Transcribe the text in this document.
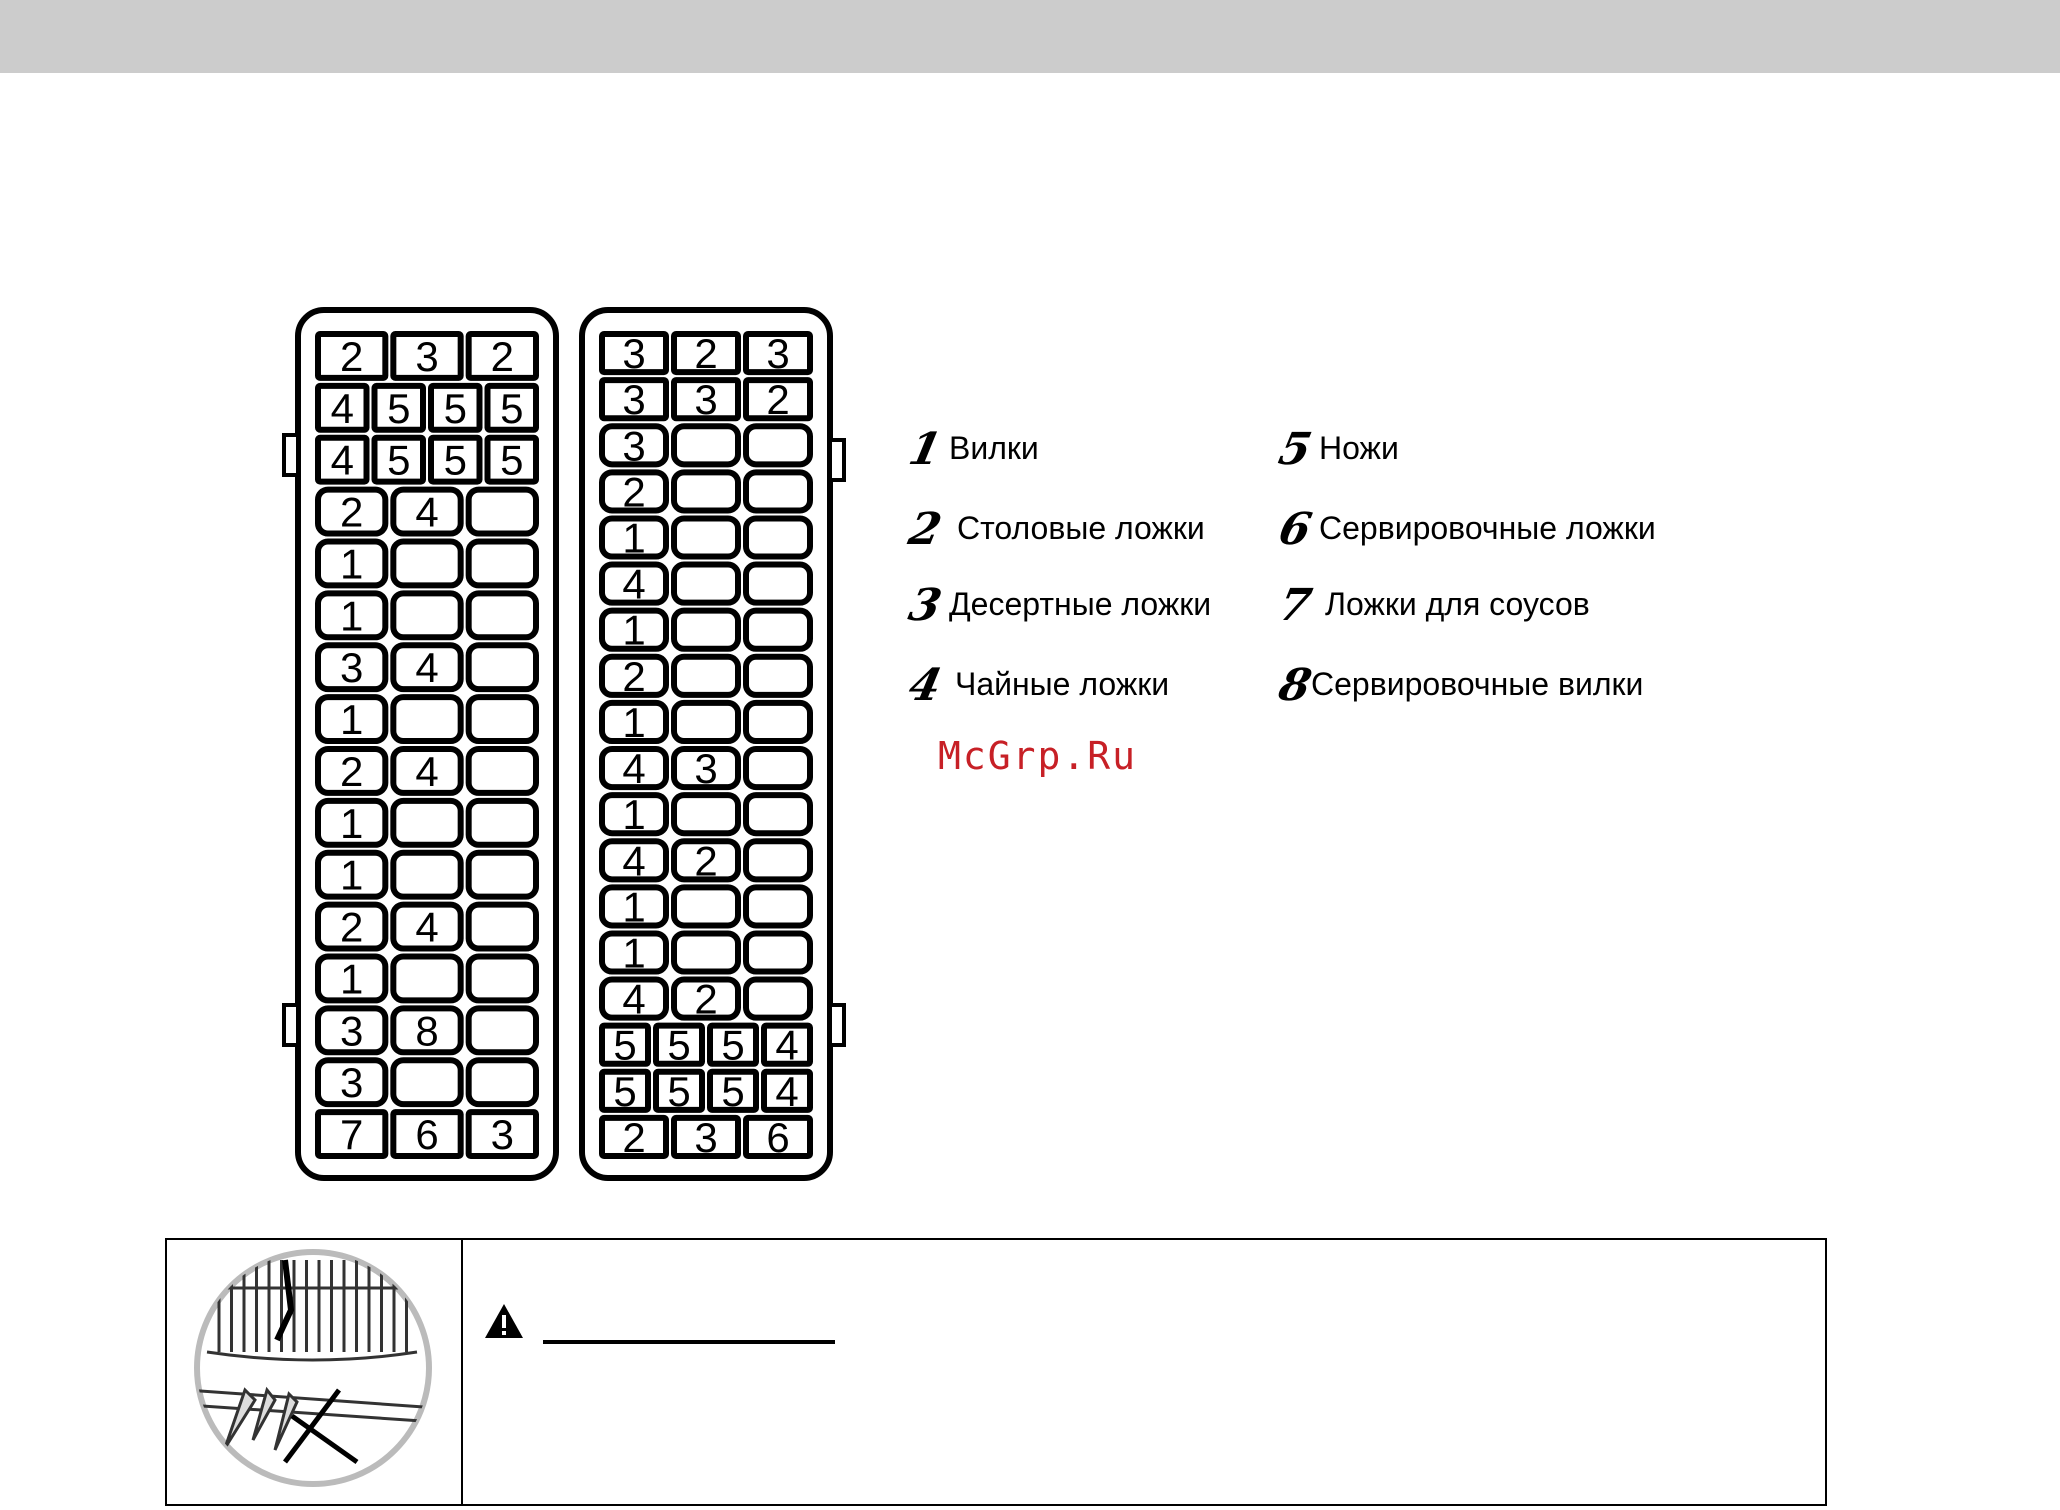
2 3 2
4 5 5 5
4 5 5 5
2 4
1
1
3 4
1
2 4
1
1
2 4
1
3 8
3
7 6 3
3 2 3
3 3 2
3
2
1
4
1
2
1
4 3
1
4 2
1
1
4 2
5 5 5 4
5 5 5 4
2 3 6
1 Вилки
2 Столовые ложки
3 Десертные ложки
4 Чайные ложки
5 Ножи
6 Сервировочные ложки
7 Ложки для соусов
8
Сервировочные вилки
McGrp.Ru
